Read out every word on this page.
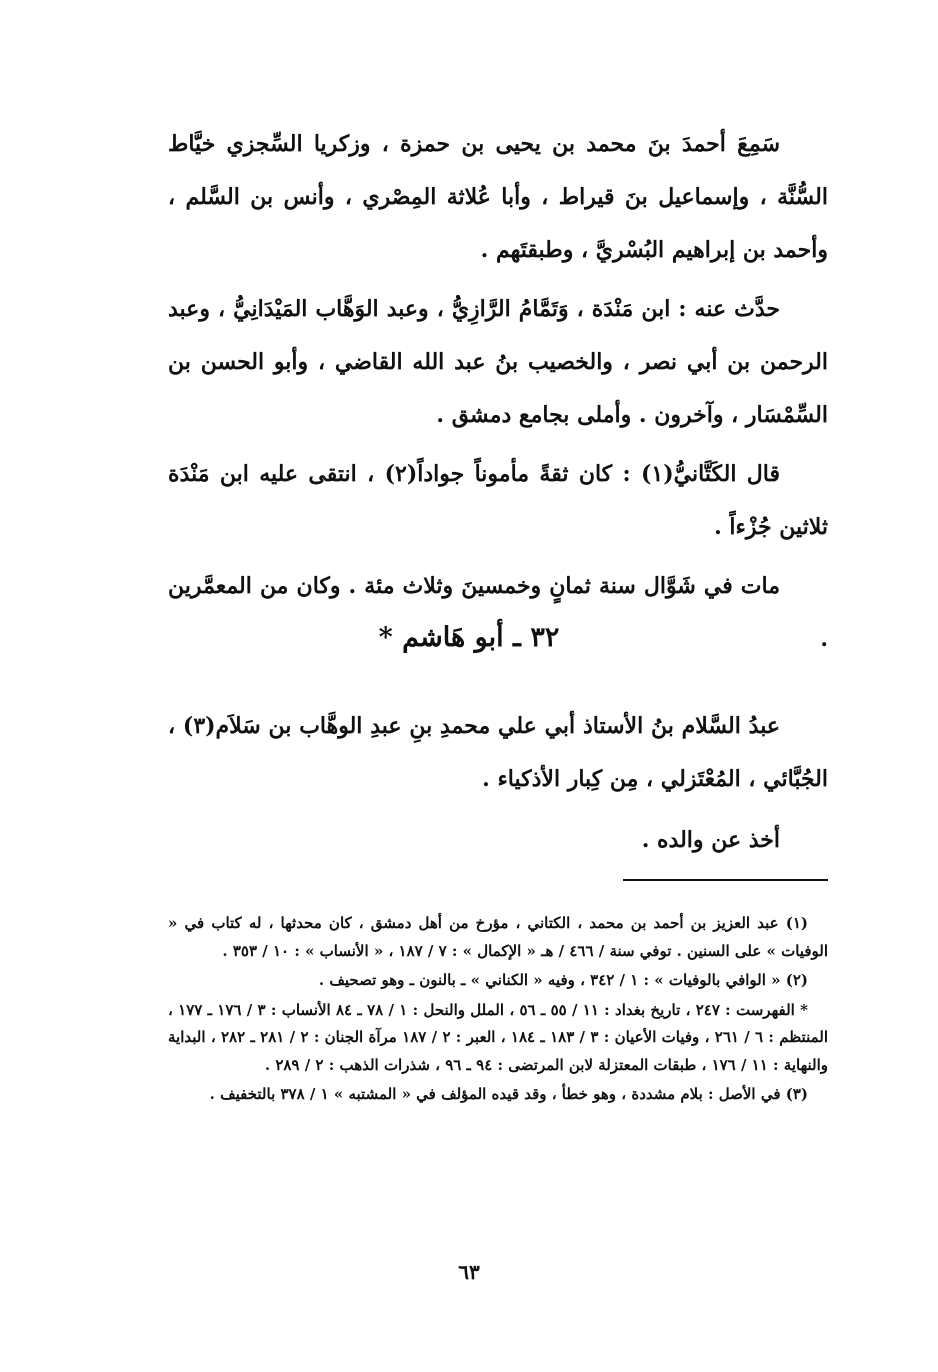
سَمِعَ أحمدَ بنَ محمد بن يحيى بن حمزة ، وزكريا السِّجزي خيَّاط السُّنَّة ، وإسماعيل بنَ قيراط ، وأبا عُلاثة المِصْري ، وأنس بن السَّلم ، وأحمد بن إبراهيم البُسْريَّ ، وطبقتَهم .

حدَّث عنه : ابن مَنْدَة ، وَتَمَّامُ الرَّازِيُّ ، وعبد الوَهَّاب المَيْدَانِيُّ ، وعبد الرحمن بن أبي نصر ، والخصيب بنُ عبد الله القاضي ، وأبو الحسن بن السِّمْسَار ، وآخرون . وأملى بجامع دمشق .

قال الكَتَّانيُّ(١) : كان ثقةً مأموناً جواداً(٢) ، انتقى عليه ابن مَنْدَة ثلاثين جُزْءاً .

مات في شَوَّال سنة ثمانٍ وخمسينَ وثلاث مئة . وكان من المعمَّرين .

٣٢ ـ أبو هَاشم *

عبدُ السَّلام بنُ الأستاذ أبي علي محمدِ بنِ عبدِ الوهَّاب بن سَلاَم(٣) ، الجُبَّائي ، المُعْتَزلي ، مِن كِبار الأذكياء .

أخذ عن والده .

(١) عبد العزيز بن أحمد بن محمد ، الكتاني ، مؤرخ من أهل دمشق ، كان محدثها ، له كتاب في « الوفيات » على السنين . توفي سنة / ٤٦٦ / هـ « الإكمال » : ٧ / ١٨٧ ، « الأنساب » : ١٠ / ٣٥٣ .

(٢) « الوافي بالوفيات » : ١ / ٣٤٢ ، وفيه « الكناني » ـ بالنون ـ وهو تصحيف .

* الفهرست : ٢٤٧ ، تاريخ بغداد : ١١ / ٥٥ ـ ٥٦ ، الملل والنحل : ١ / ٧٨ ـ ٨٤ الأنساب : ٣ / ١٧٦ ـ ١٧٧ ، المنتظم : ٦ / ٢٦١ ، وفيات الأعيان : ٣ / ١٨٣ ـ ١٨٤ ، العبر : ٢ / ١٨٧ مرآة الجنان : ٢ / ٢٨١ ـ ٢٨٢ ، البداية والنهاية : ١١ / ١٧٦ ، طبقات المعتزلة لابن المرتضى : ٩٤ ـ ٩٦ ، شذرات الذهب : ٢ / ٢٨٩ .

(٣) في الأصل : بلام مشددة ، وهو خطأ ، وقد قيده المؤلف في « المشتبه » ١ / ٣٧٨ بالتخفيف .

٦٣
